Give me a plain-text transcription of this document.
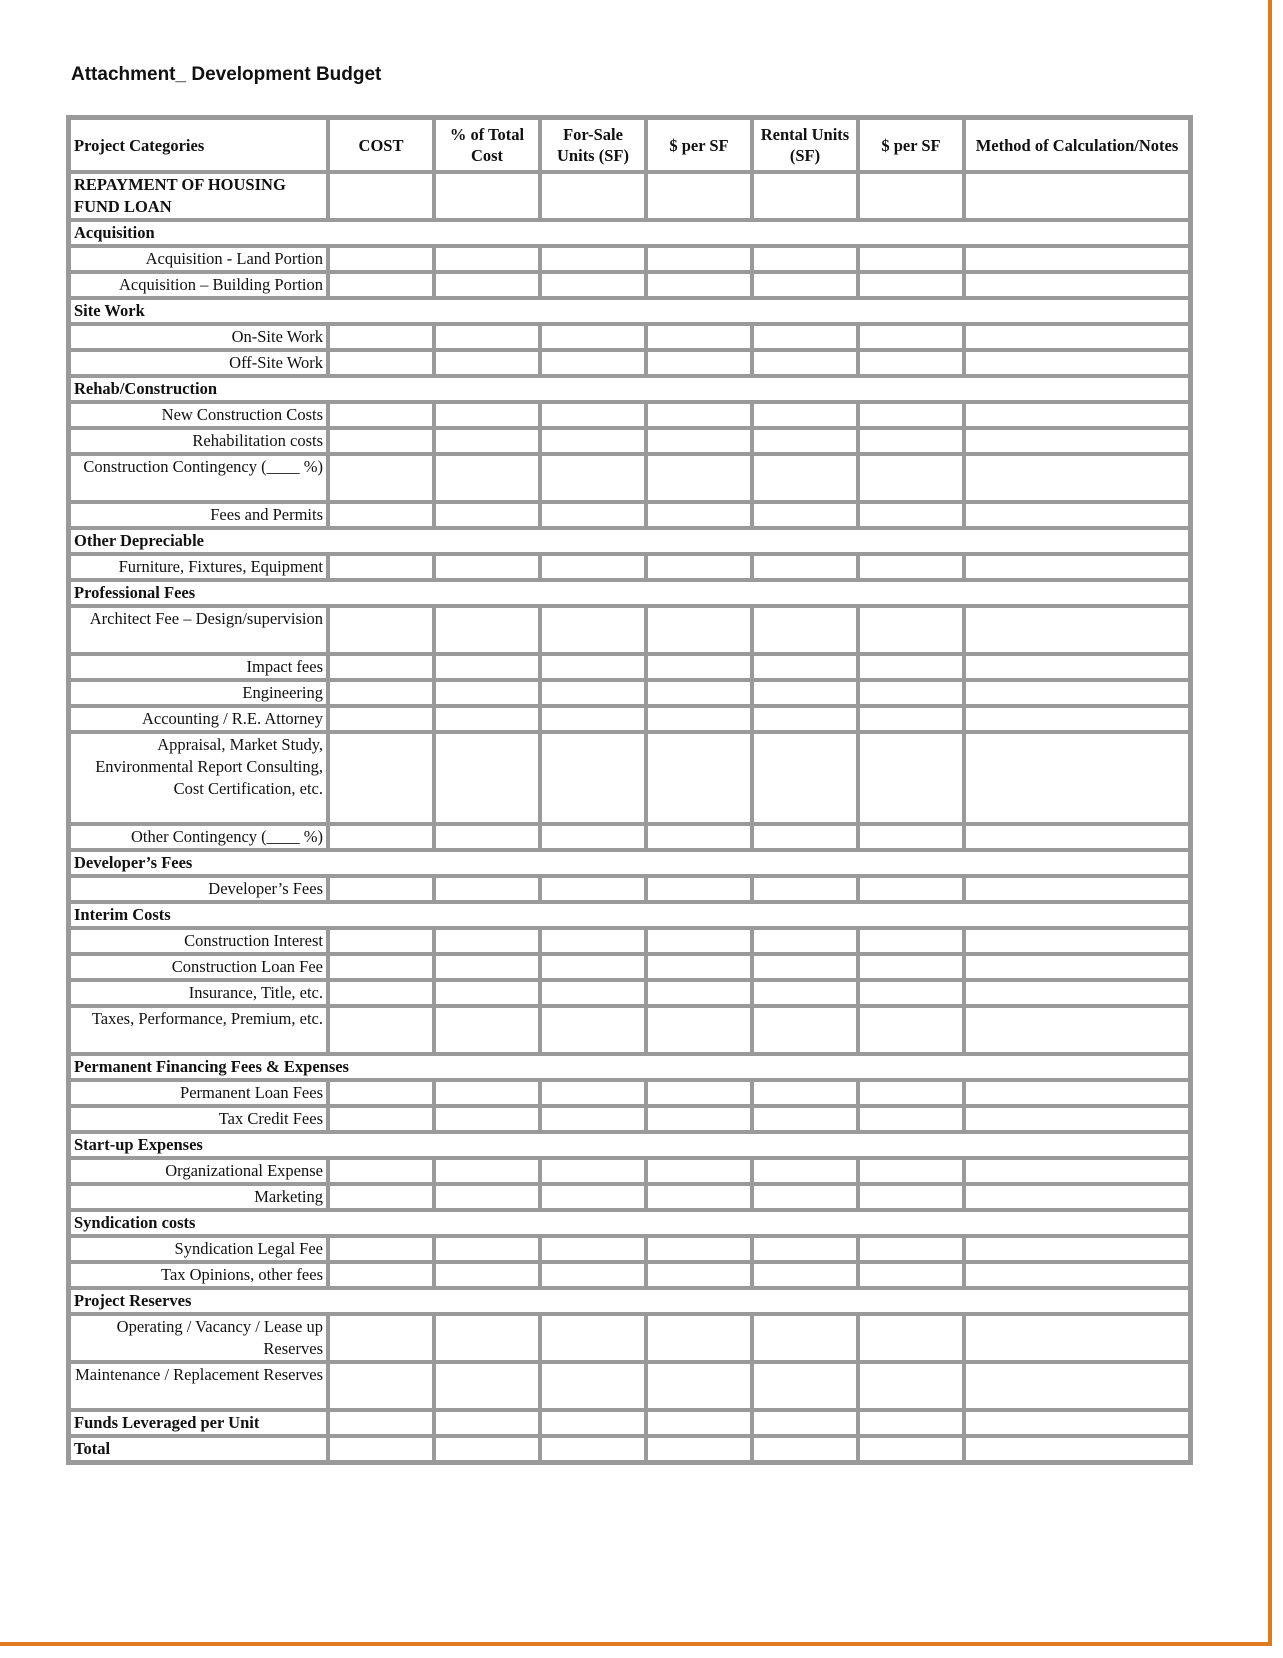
Attachment_ Development Budget
Project Categories	COST	% of Total Cost	For-Sale Units (SF)	$ per SF	Rental Units (SF)	$ per SF	Method of Calculation/Notes
REPAYMENT OF HOUSING FUND LOAN							
Acquisition							
Acquisition - Land Portion							
Acquisition – Building Portion							
Site Work							
On-Site Work							
Off-Site Work							
Rehab/Construction							
New Construction Costs							
Rehabilitation costs							
Construction Contingency (____ %)							
Fees and Permits							
Other Depreciable							
Furniture, Fixtures, Equipment							
Professional Fees							
Architect Fee – Design/supervision							
Impact fees							
Engineering							
Accounting / R.E. Attorney							
Appraisal, Market Study, Environmental Report Consulting, Cost Certification, etc.							
Other Contingency (____ %)							
Developer’s Fees							
Developer’s Fees							
Interim Costs							
Construction Interest							
Construction Loan Fee							
Insurance, Title, etc.							
Taxes, Performance, Premium, etc.							
Permanent Financing Fees & Expenses							
Permanent Loan Fees							
Tax Credit Fees							
Start-up Expenses							
Organizational Expense							
Marketing							
Syndication costs							
Syndication Legal Fee							
Tax Opinions, other fees							
Project Reserves							
Operating / Vacancy / Lease up Reserves							
Maintenance / Replacement Reserves							
Funds Leveraged per Unit							
Total							
